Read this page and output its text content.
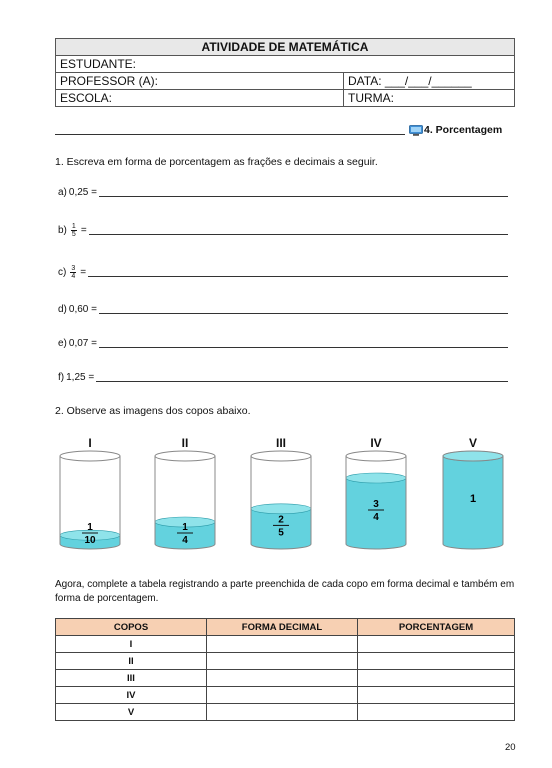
ATIVIDADE DE MATEMÁTICA	
ESTUDANTE:	
PROFESSOR (A):	DATA: ___/___/______
ESCOLA:	TURMA:
4. Porcentagem
1. Escreva em forma de porcentagem as frações e decimais a seguir.
a) 0,25 =
$b) \frac{1}{5}$ =
$c) \frac{3}{4}$ =
d) 0,60 =
e) 0,07 =
f) 1,25 =
2. Observe as imagens dos copos abaixo.
I	II	III	IV	V
1
10
1
4
2
5
3
4
1
Agora, complete a tabela registrando a parte preenchida de cada copo em forma decimal e também em forma de porcentagem.
COPOS	FORMA DECIMAL	PORCENTAGEM
I		
II		
III		
IV		
V		
20
